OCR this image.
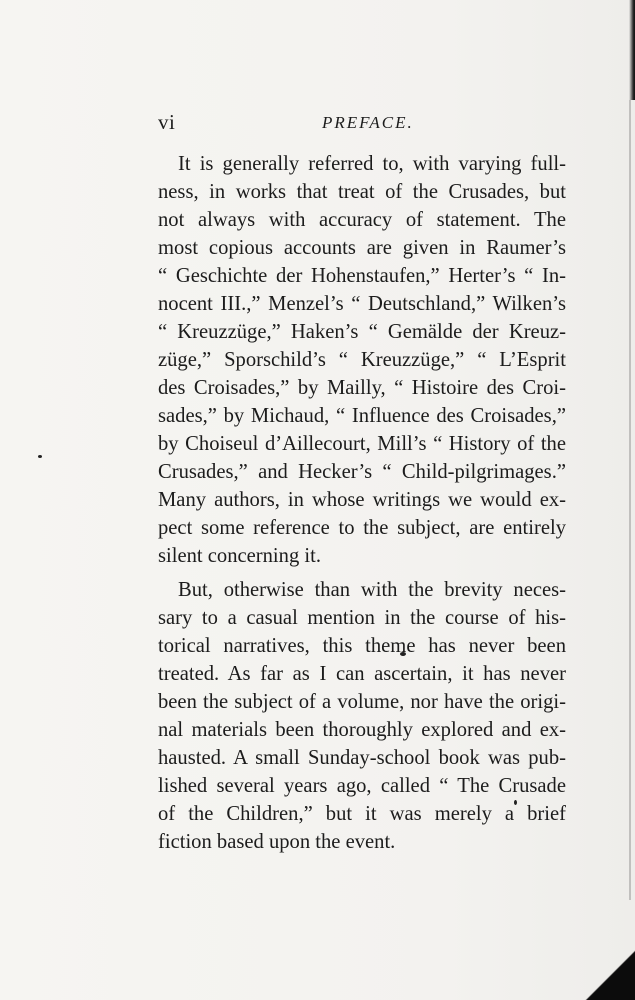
vi	PREFACE.
It is generally referred to, with varying full-
ness, in works that treat of the Crusades, but
not always with accuracy of statement. The
most copious accounts are given in Raumer’s
“ Geschichte der Hohenstaufen,” Herter’s “ In-
nocent III.,” Menzel’s “ Deutschland,” Wilken’s
“ Kreuzzüge,” Haken’s “ Gemälde der Kreuz-
züge,” Sporschild’s “ Kreuzzüge,” “ L’Esprit
des Croisades,” by Mailly, “ Histoire des Croi-
sades,” by Michaud, “ Influence des Croisades,”
by Choiseul d’Aillecourt, Mill’s “ History of the
Crusades,” and Hecker’s “ Child-pilgrimages.”
Many authors, in whose writings we would ex-
pect some reference to the subject, are entirely
silent concerning it.
But, otherwise than with the brevity neces-
sary to a casual mention in the course of his-
torical narratives, this theme has never been
treated. As far as I can ascertain, it has never
been the subject of a volume, nor have the origi-
nal materials been thoroughly explored and ex-
hausted. A small Sunday-school book was pub-
lished several years ago, called “ The Crusade
of the Children,” but it was merely a brief
fiction based upon the event.
